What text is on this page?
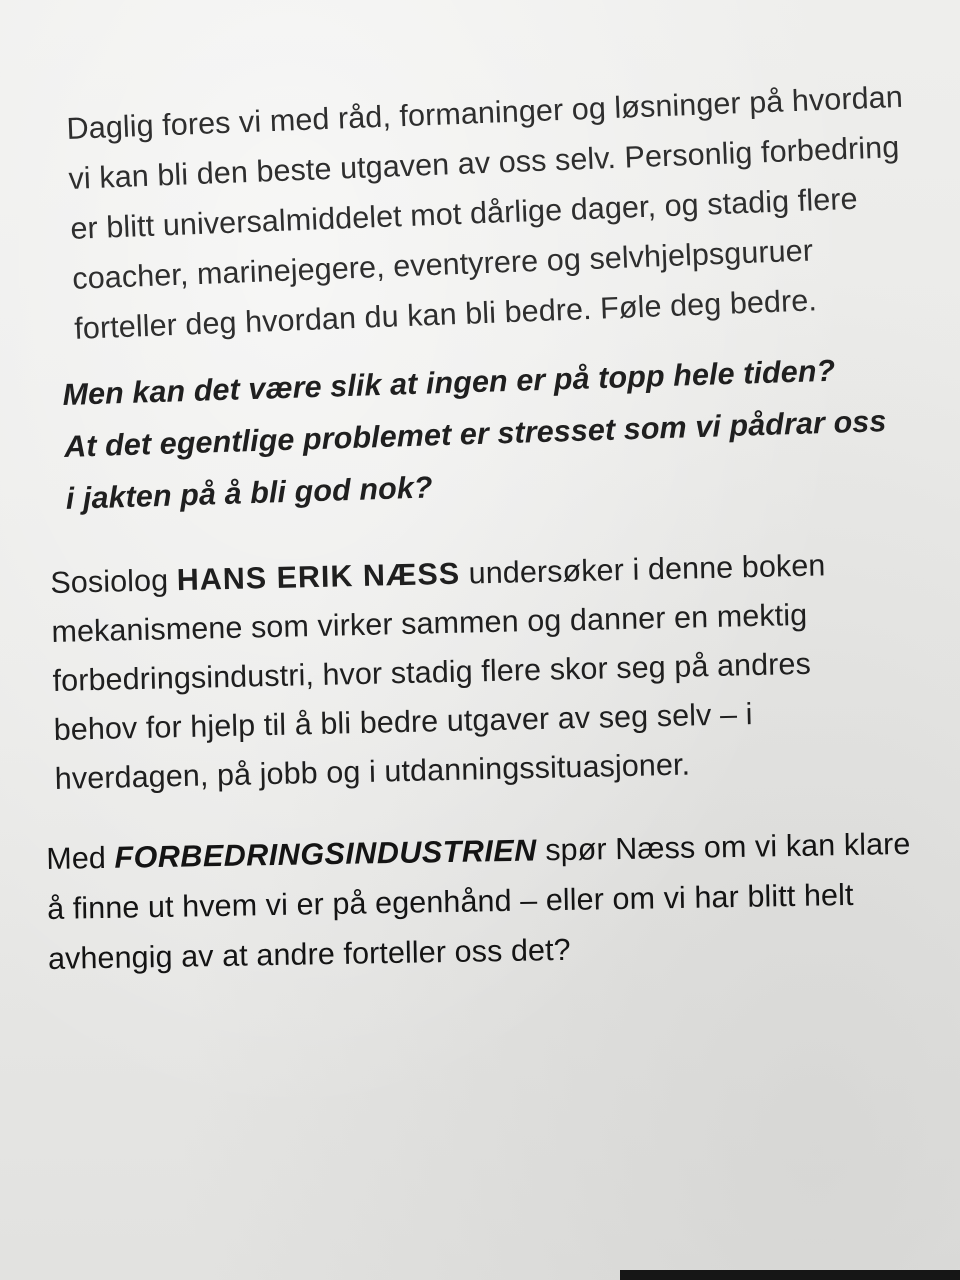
Daglig fores vi med råd, formaninger og løsninger på hvordan
vi kan bli den beste utgaven av oss selv. Personlig forbedring
er blitt universalmiddelet mot dårlige dager, og stadig flere
coacher, marinejegere, eventyrere og selvhjelpsguruer
forteller deg hvordan du kan bli bedre. Føle deg bedre.
Men kan det være slik at ingen er på topp hele tiden?
At det egentlige problemet er stresset som vi pådrar oss
i jakten på å bli god nok?
Sosiolog HANS ERIK NÆSS undersøker i denne boken
mekanismene som virker sammen og danner en mektig
forbedringsindustri, hvor stadig flere skor seg på andres
behov for hjelp til å bli bedre utgaver av seg selv – i
hverdagen, på jobb og i utdanningssituasjoner.
Med FORBEDRINGSINDUSTRIEN spør Næss om vi kan klare
å finne ut hvem vi er på egenhånd – eller om vi har blitt helt
avhengig av at andre forteller oss det?
